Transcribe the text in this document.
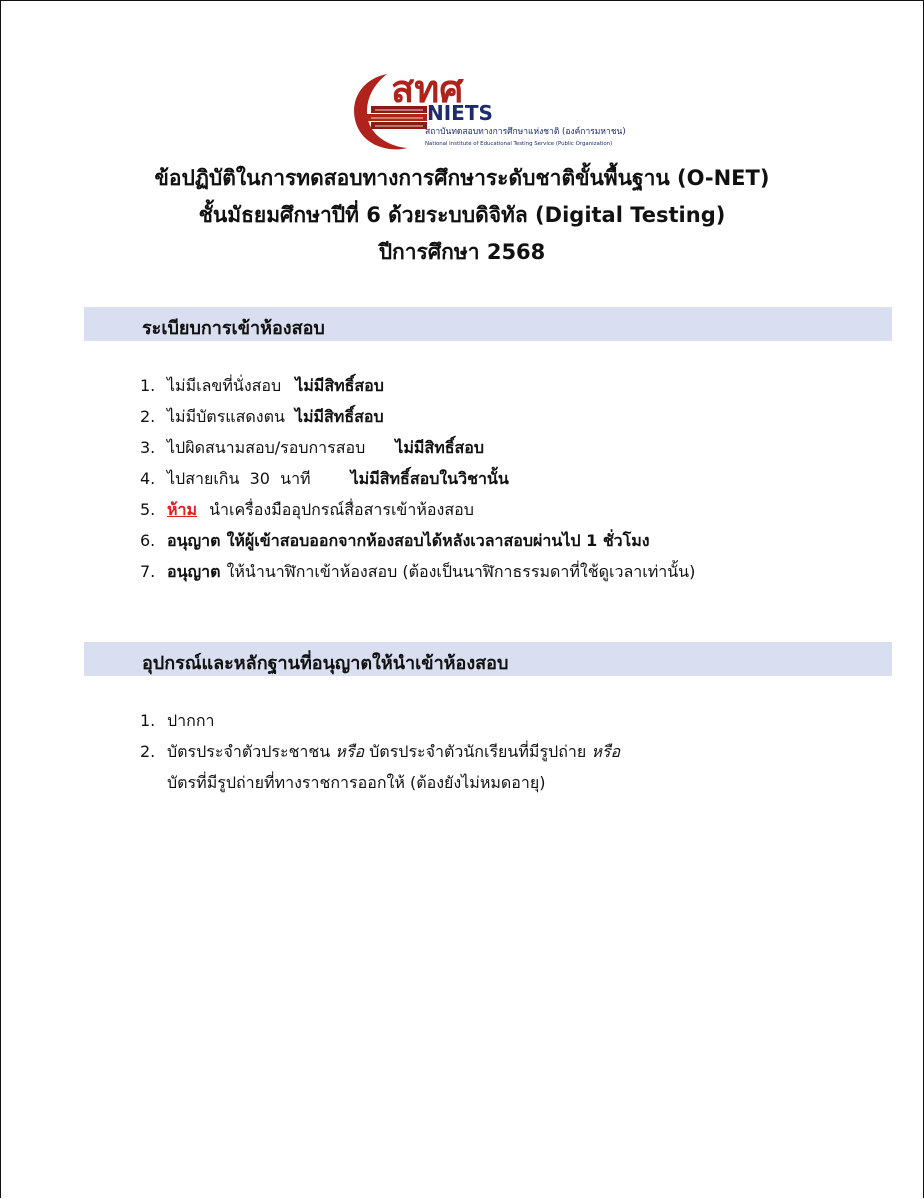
สทศ
NIETS
สถาบันทดสอบทางการศึกษาแห่งชาติ (องค์การมหาชน)
National Institute of Educational Testing Service (Public Organization)
ข้อปฏิบัติในการทดสอบทางการศึกษาระดับชาติขั้นพื้นฐาน (O-NET)
ชั้นมัธยมศึกษาปีที่ 6 ด้วยระบบดิจิทัล (Digital Testing)
ปีการศึกษา 2568
ระเบียบการเข้าห้องสอบ
1. ไม่มีเลขที่นั่งสอบ ไม่มีสิทธิ์สอบ
2. ไม่มีบัตรแสดงตน ไม่มีสิทธิ์สอบ
3. ไปผิดสนามสอบ/รอบการสอบ ไม่มีสิทธิ์สอบ
4. ไปสายเกิน  30  นาที	ไม่มีสิทธิ์สอบในวิชานั้น
5. ห้าม นำเครื่องมืออุปกรณ์สื่อสารเข้าห้องสอบ
6. อนุญาต ให้ผู้เข้าสอบออกจากห้องสอบได้หลังเวลาสอบผ่านไป 1 ชั่วโมง
7. อนุญาต ให้นำนาฬิกาเข้าห้องสอบ (ต้องเป็นนาฬิกาธรรมดาที่ใช้ดูเวลาเท่านั้น)
อุปกรณ์และหลักฐานที่อนุญาตให้นำเข้าห้องสอบ
1. ปากกา
2. บัตรประจำตัวประชาชน หรือ บัตรประจำตัวนักเรียนที่มีรูปถ่าย หรือ
บัตรที่มีรูปถ่ายที่ทางราชการออกให้ (ต้องยังไม่หมดอายุ)
